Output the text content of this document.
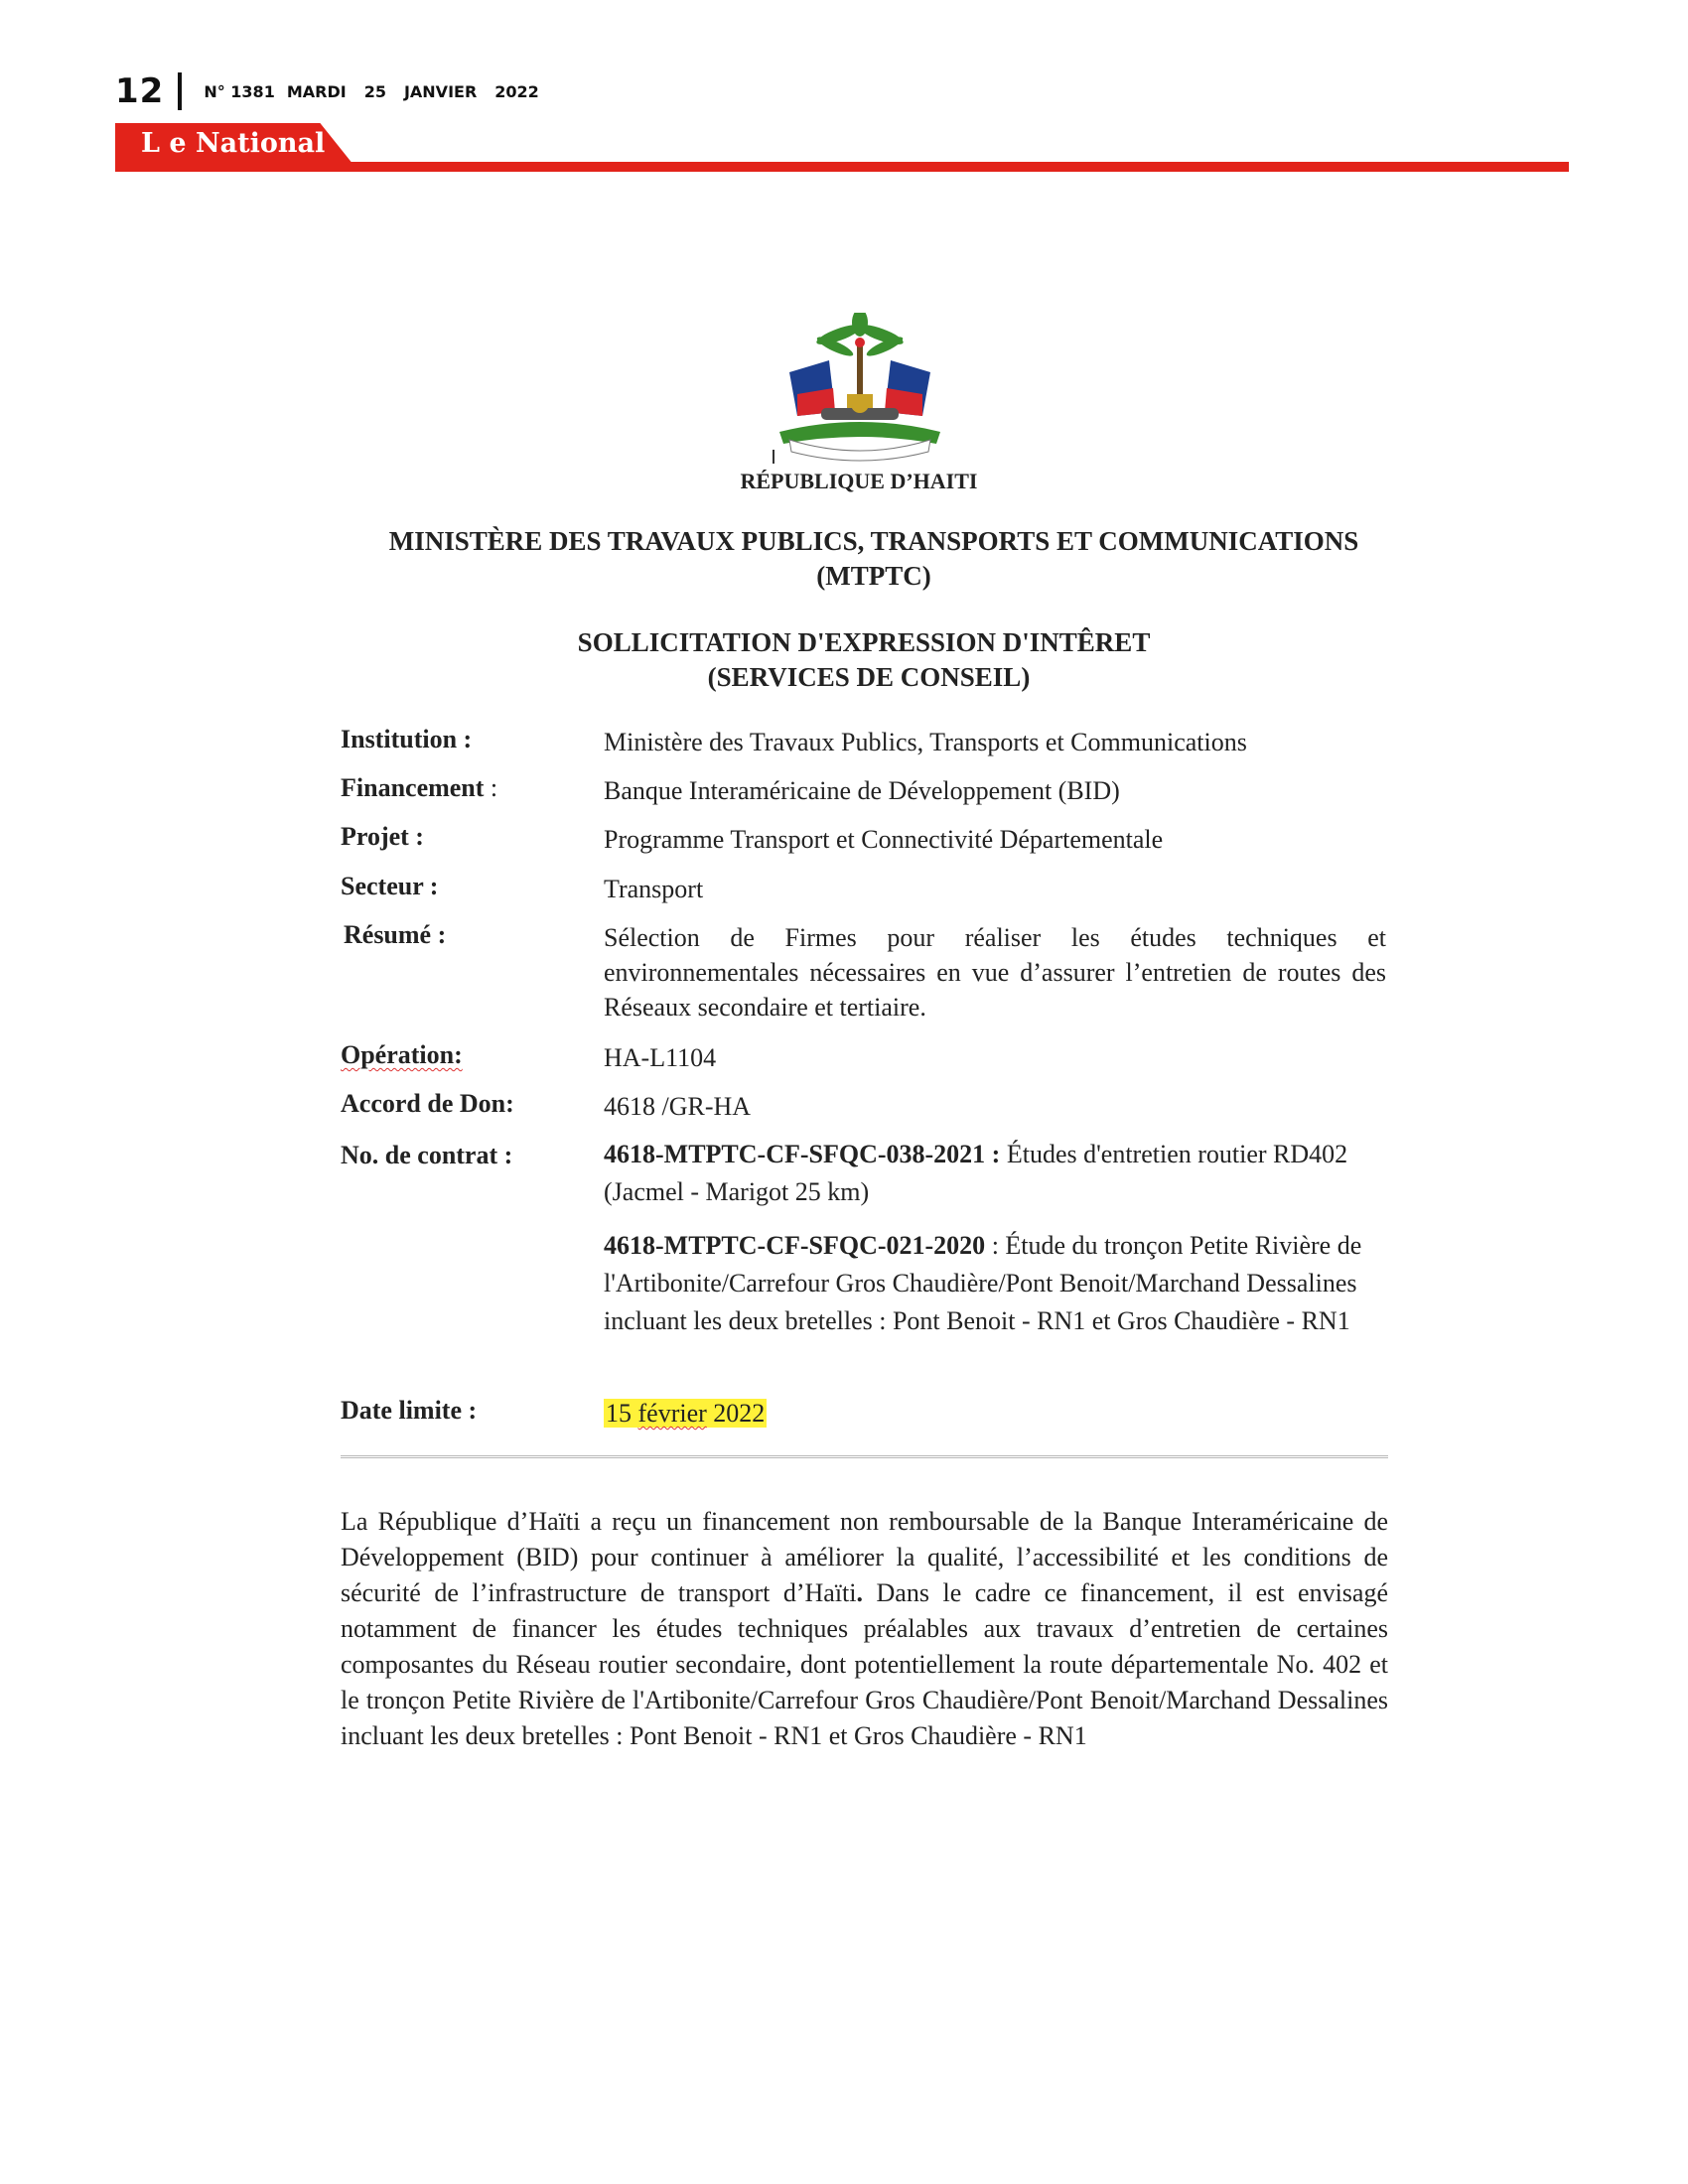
12	N° 1381 MARDI 25 JANVIER 2022
L e National
RÉPUBLIQUE D’HAITI
MINISTÈRE DES TRAVAUX PUBLICS, TRANSPORTS ET COMMUNICATIONS
(MTPTC)
SOLLICITATION D'EXPRESSION D'INTÊRET
(SERVICES DE CONSEIL)
Institution :	Ministère des Travaux Publics, Transports et Communications
Financement :	Banque Interaméricaine de Développement (BID)
Projet :	Programme Transport et Connectivité Départementale
Secteur :	Transport
Résumé :	Sélection de Firmes pour réaliser les études techniques et environnementales nécessaires en vue d’assurer l’entretien de routes des Réseaux secondaire et tertiaire.
Opération:	HA-L1104
Accord de Don:	4618 /GR-HA
No. de contrat :	4618-MTPTC-CF-SFQC-038-2021 : Études d'entretien routier RD402 (Jacmel - Marigot 25 km)

4618-MTPTC-CF-SFQC-021-2020 : Étude du tronçon Petite Rivière de l'Artibonite/Carrefour Gros Chaudière/Pont Benoit/Marchand Dessalines incluant les deux bretelles : Pont Benoit - RN1 et Gros Chaudière - RN1

Date limite :	15 février 2022
La République d’Haïti a reçu un financement non remboursable de la Banque Interaméricaine de Développement (BID) pour continuer à améliorer la qualité, l’accessibilité et les conditions de sécurité de l’infrastructure de transport d’Haïti. Dans le cadre ce financement, il est envisagé notamment de financer les études techniques préalables aux travaux d’entretien de certaines composantes du Réseau routier secondaire, dont potentiellement la route départementale No. 402 et le tronçon Petite Rivière de l'Artibonite/Carrefour Gros Chaudière/Pont Benoit/Marchand Dessalines incluant les deux bretelles : Pont Benoit - RN1 et Gros Chaudière - RN1
